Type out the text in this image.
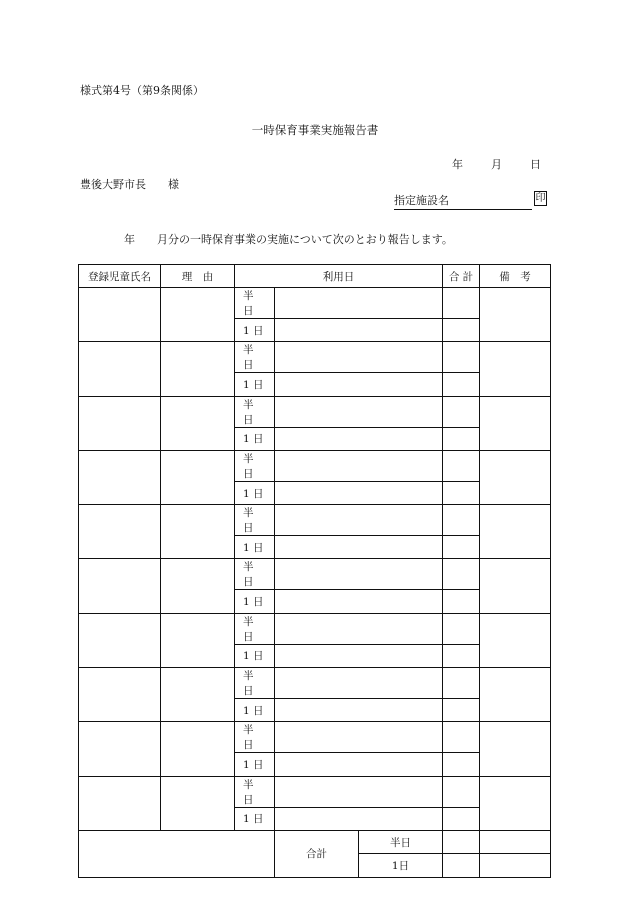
様式第4号（第9条関係）
一時保育事業実施報告書
年	月	日
豊後大野市長　　様
指定施設名	印
年　　月分の一時保育事業の実施について次のとおり報告します。
登録児童氏名	理　由	利用日			合 計	備　考
		半　日				
		1 日				
		半　日				
		1 日				
		半　日				
		1 日				
		半　日				
		1 日				
		半　日				
		1 日				
		半　日				
		1 日				
		半　日				
		1 日				
		半　日				
		1 日				
		半　日				
		1 日				
		半　日				
		1 日				
			合計	半日		
				1日		
